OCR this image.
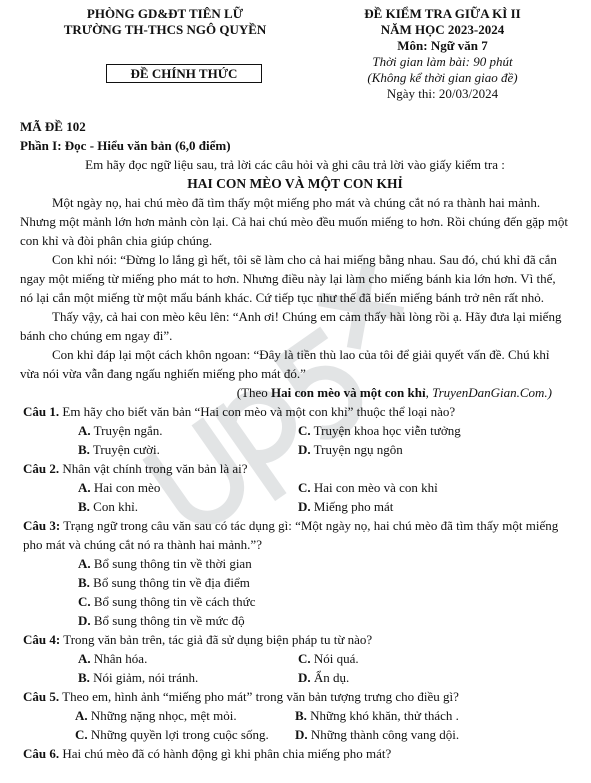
PHÒNG GD&ĐT TIÊN LỮ
TRƯỜNG TH-THCS NGÔ QUYỀN
ĐỀ CHÍNH THỨC
ĐỀ KIỂM TRA GIỮA KÌ II
NĂM HỌC 2023-2024
Môn: Ngữ văn 7
Thời gian làm bài: 90 phút
(Không kể thời gian giao đề)
Ngày thi: 20/03/2024
MÃ ĐỀ 102
Phần I: Đọc - Hiểu văn bản (6,0 điểm)
Em hãy đọc ngữ liệu sau, trả lời các câu hỏi và ghi câu trả lời vào giấy kiểm tra :
HAI CON MÈO VÀ MỘT CON KHỈ
Một ngày nọ, hai chú mèo đã tìm thấy một miếng pho mát và chúng cắt nó ra thành hai mảnh. Nhưng một mảnh lớn hơn mảnh còn lại. Cả hai chú mèo đều muốn miếng to hơn. Rồi chúng đến gặp một con khỉ và đòi phân chia giúp chúng.
Con khỉ nói: “Đừng lo lắng gì hết, tôi sẽ làm cho cả hai miếng bằng nhau. Sau đó, chú khỉ đã cắn ngay một miếng từ miếng pho mát to hơn. Nhưng điều này lại làm cho miếng bánh kia lớn hơn. Vì thế, nó lại cắn một miếng từ một mẩu bánh khác. Cứ tiếp tục như thế đã biến miếng bánh trở nên rất nhỏ.
Thấy vậy, cả hai con mèo kêu lên: “Anh ơi! Chúng em cảm thấy hài lòng rồi ạ. Hãy đưa lại miếng bánh cho chúng em ngay đi”.
Con khỉ đáp lại một cách khôn ngoan: “Đây là tiền thù lao của tôi để giải quyết vấn đề. Chú khỉ vừa nói vừa vẫn đang ngấu nghiến miếng pho mát đó.”
(Theo Hai con mèo và một con khỉ, TruyenDanGian.Com.)
Câu 1. Em hãy cho biết văn bản “Hai con mèo và một con khỉ” thuộc thể loại nào?
A. Truyện ngắn.	C. Truyện khoa học viễn tưởng
B. Truyện cười.	D. Truyện ngụ ngôn
Câu 2. Nhân vật chính trong văn bản là ai?
A. Hai con mèo	C. Hai con mèo và con khỉ
B. Con khỉ.	D. Miếng pho mát
Câu 3: Trạng ngữ trong câu văn sau có tác dụng gì: “Một ngày nọ, hai chú mèo đã tìm thấy một miếng pho mát và chúng cắt nó ra thành hai mảnh.”?
A. Bổ sung thông tin về thời gian
B. Bổ sung thông tin về địa điểm
C. Bổ sung thông tin về cách thức
D. Bổ sung thông tin về mức độ
Câu 4: Trong văn bản trên, tác giả đã sử dụng biện pháp tu từ nào?
A. Nhân hóa.	C. Nói quá.
B. Nói giảm, nói tránh.	D. Ẩn dụ.
Câu 5. Theo em, hình ảnh “miếng pho mát” trong văn bản tượng trưng cho điều gì?
A. Những nặng nhọc, mệt mỏi.	B. Những khó khăn, thử thách .
C. Những quyền lợi trong cuộc sống.	D. Những thành công vang dội.
Câu 6. Hai chú mèo đã có hành động gì khi phân chia miếng pho mát?
